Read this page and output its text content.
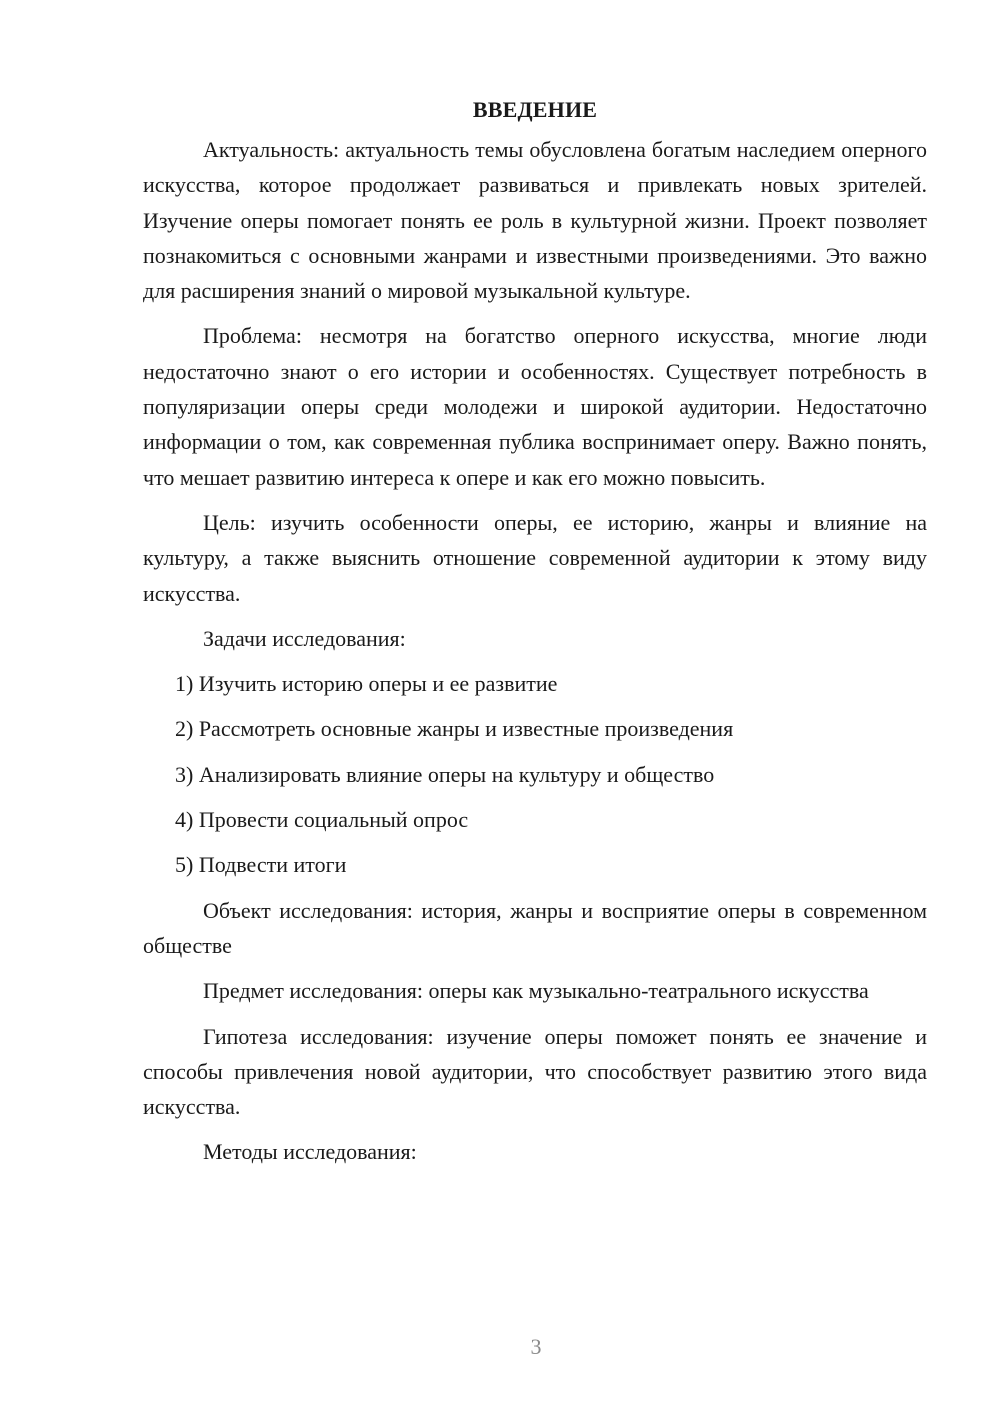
ВВЕДЕНИЕ

Актуальность: актуальность темы обусловлена богатым наследием оперного искусства, которое продолжает развиваться и привлекать новых зрителей. Изучение оперы помогает понять ее роль в культурной жизни. Проект позволяет познакомиться с основными жанрами и известными произведениями. Это важно для расширения знаний о мировой музыкальной культуре.

Проблема: несмотря на богатство оперного искусства, многие люди недостаточно знают о его истории и особенностях. Существует потребность в популяризации оперы среди молодежи и широкой аудитории. Недостаточно информации о том, как современная публика воспринимает оперу. Важно понять, что мешает развитию интереса к опере и как его можно повысить.

Цель: изучить особенности оперы, ее историю, жанры и влияние на культуру, а также выяснить отношение современной аудитории к этому виду искусства.

Задачи исследования:

1) Изучить историю оперы и ее развитие

2) Рассмотреть основные жанры и известные произведения

3) Анализировать влияние оперы на культуру и общество

4) Провести социальный опрос

5) Подвести итоги

Объект исследования: история, жанры и восприятие оперы в современном обществе

Предмет исследования: оперы как музыкально-театрального искусства

Гипотеза исследования: изучение оперы поможет понять ее значение и способы привлечения новой аудитории, что способствует развитию этого вида искусства.

Методы исследования:

3
